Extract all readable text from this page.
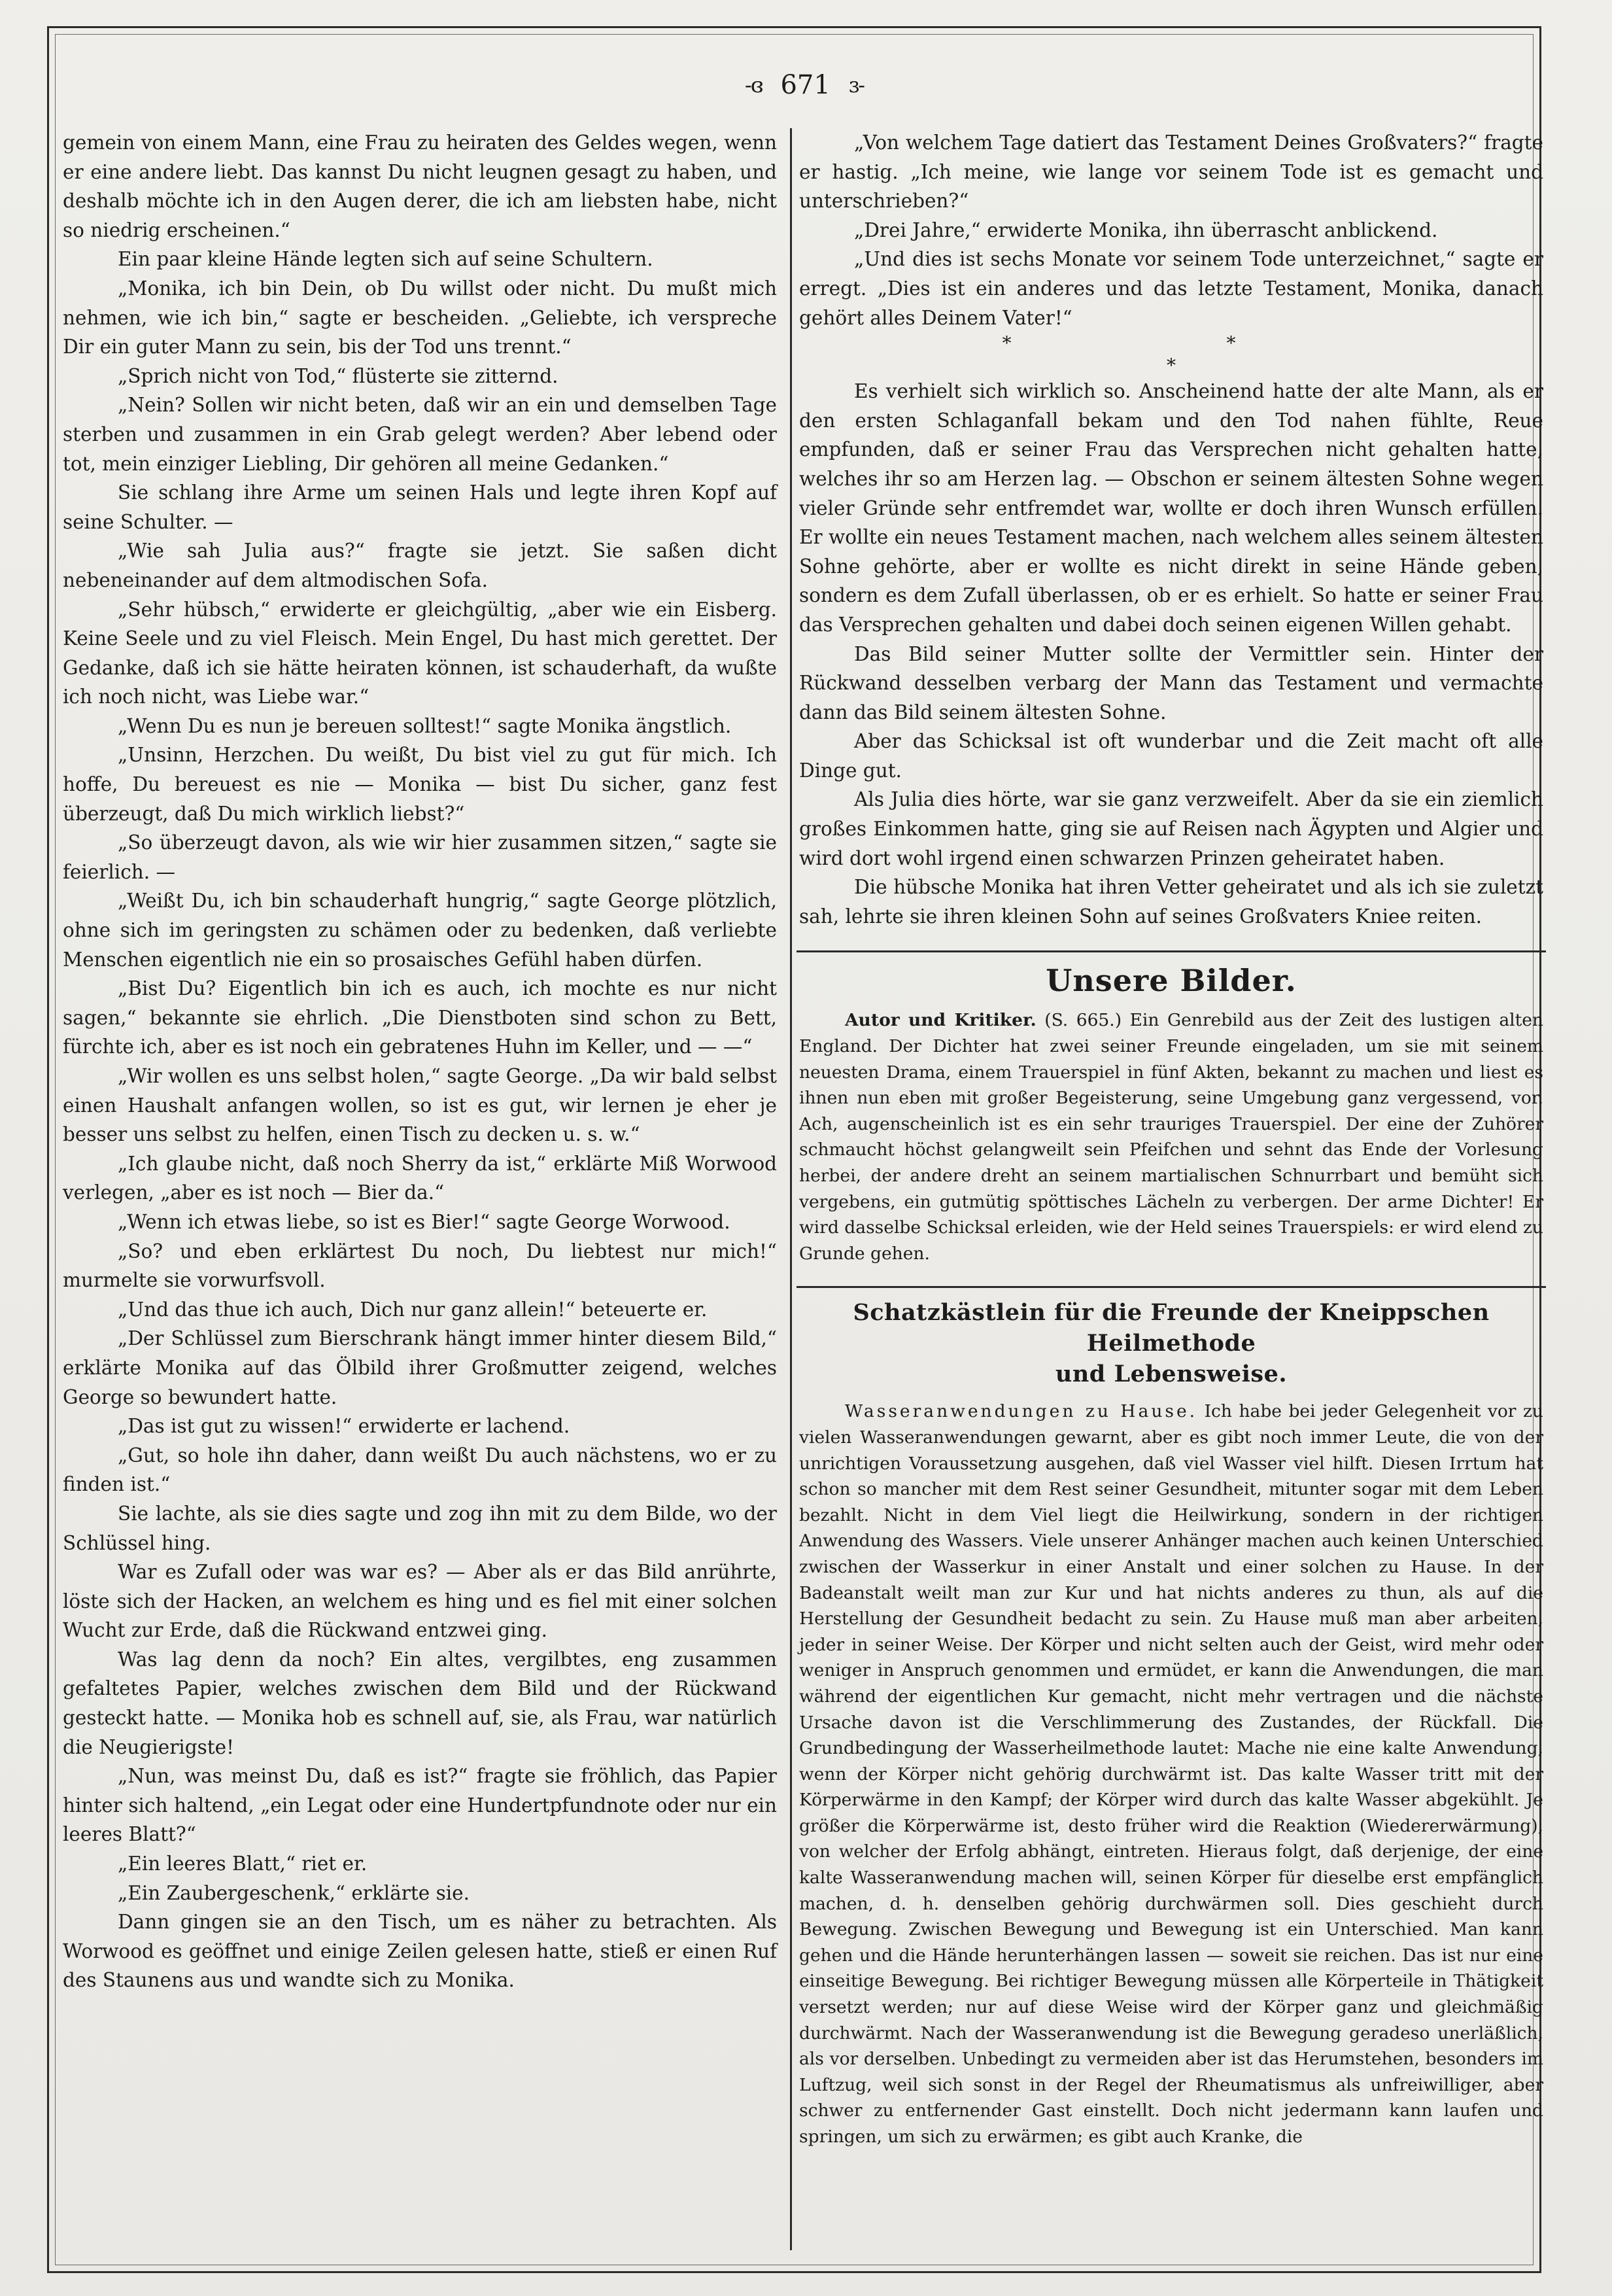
-ɞ 671 ɜ-

gemein von einem Mann, eine Frau zu heiraten des Geldes wegen, wenn er eine andere liebt. Das kannst Du nicht leugnen gesagt zu haben, und deshalb möchte ich in den Augen derer, die ich am liebsten habe, nicht so niedrig erscheinen.“

Ein paar kleine Hände legten sich auf seine Schultern.

„Monika, ich bin Dein, ob Du willst oder nicht. Du mußt mich nehmen, wie ich bin,“ sagte er bescheiden. „Geliebte, ich verspreche Dir ein guter Mann zu sein, bis der Tod uns trennt.“

„Sprich nicht von Tod,“ flüsterte sie zitternd.

„Nein? Sollen wir nicht beten, daß wir an ein und demselben Tage sterben und zusammen in ein Grab gelegt werden? Aber lebend oder tot, mein einziger Liebling, Dir gehören all meine Gedanken.“

Sie schlang ihre Arme um seinen Hals und legte ihren Kopf auf seine Schulter. —

„Wie sah Julia aus?“ fragte sie jetzt. Sie saßen dicht nebeneinander auf dem altmodischen Sofa.

„Sehr hübsch,“ erwiderte er gleichgültig, „aber wie ein Eisberg. Keine Seele und zu viel Fleisch. Mein Engel, Du hast mich gerettet. Der Gedanke, daß ich sie hätte heiraten können, ist schauderhaft, da wußte ich noch nicht, was Liebe war.“

„Wenn Du es nun je bereuen solltest!“ sagte Monika ängstlich.

„Unsinn, Herzchen. Du weißt, Du bist viel zu gut für mich. Ich hoffe, Du bereuest es nie — Monika — bist Du sicher, ganz fest überzeugt, daß Du mich wirklich liebst?“

„So überzeugt davon, als wie wir hier zusammen sitzen,“ sagte sie feierlich. —

„Weißt Du, ich bin schauderhaft hungrig,“ sagte George plötzlich, ohne sich im geringsten zu schämen oder zu bedenken, daß verliebte Menschen eigentlich nie ein so prosaisches Gefühl haben dürfen.

„Bist Du? Eigentlich bin ich es auch, ich mochte es nur nicht sagen,“ bekannte sie ehrlich. „Die Dienstboten sind schon zu Bett, fürchte ich, aber es ist noch ein gebratenes Huhn im Keller, und — —“

„Wir wollen es uns selbst holen,“ sagte George. „Da wir bald selbst einen Haushalt anfangen wollen, so ist es gut, wir lernen je eher je besser uns selbst zu helfen, einen Tisch zu decken u. s. w.“

„Ich glaube nicht, daß noch Sherry da ist,“ erklärte Miß Worwood verlegen, „aber es ist noch — Bier da.“

„Wenn ich etwas liebe, so ist es Bier!“ sagte George Worwood.

„So? und eben erklärtest Du noch, Du liebtest nur mich!“ murmelte sie vorwurfsvoll.

„Und das thue ich auch, Dich nur ganz allein!“ beteuerte er.

„Der Schlüssel zum Bierschrank hängt immer hinter diesem Bild,“ erklärte Monika auf das Ölbild ihrer Großmutter zeigend, welches George so bewundert hatte.

„Das ist gut zu wissen!“ erwiderte er lachend.

„Gut, so hole ihn daher, dann weißt Du auch nächstens, wo er zu finden ist.“

Sie lachte, als sie dies sagte und zog ihn mit zu dem Bilde, wo der Schlüssel hing.

War es Zufall oder was war es? — Aber als er das Bild anrührte, löste sich der Hacken, an welchem es hing und es fiel mit einer solchen Wucht zur Erde, daß die Rückwand entzwei ging.

Was lag denn da noch? Ein altes, vergilbtes, eng zusammen gefaltetes Papier, welches zwischen dem Bild und der Rückwand gesteckt hatte. — Monika hob es schnell auf, sie, als Frau, war natürlich die Neugierigste!

„Nun, was meinst Du, daß es ist?“ fragte sie fröhlich, das Papier hinter sich haltend, „ein Legat oder eine Hundertpfundnote oder nur ein leeres Blatt?“

„Ein leeres Blatt,“ riet er.

„Ein Zaubergeschenk,“ erklärte sie.

Dann gingen sie an den Tisch, um es näher zu betrachten. Als Worwood es geöffnet und einige Zeilen gelesen hatte, stieß er einen Ruf des Staunens aus und wandte sich zu Monika.

„Von welchem Tage datiert das Testament Deines Großvaters?“ fragte er hastig. „Ich meine, wie lange vor seinem Tode ist es gemacht und unterschrieben?“

„Drei Jahre,“ erwiderte Monika, ihn überrascht anblickend.

„Und dies ist sechs Monate vor seinem Tode unterzeichnet,“ sagte er erregt. „Dies ist ein anderes und das letzte Testament, Monika, danach gehört alles Deinem Vater!“

* *
*

Es verhielt sich wirklich so. Anscheinend hatte der alte Mann, als er den ersten Schlaganfall bekam und den Tod nahen fühlte, Reue empfunden, daß er seiner Frau das Versprechen nicht gehalten hatte, welches ihr so am Herzen lag. — Obschon er seinem ältesten Sohne wegen vieler Gründe sehr entfremdet war, wollte er doch ihren Wunsch erfüllen. Er wollte ein neues Testament machen, nach welchem alles seinem ältesten Sohne gehörte, aber er wollte es nicht direkt in seine Hände geben, sondern es dem Zufall überlassen, ob er es erhielt. So hatte er seiner Frau das Versprechen gehalten und dabei doch seinen eigenen Willen gehabt.

Das Bild seiner Mutter sollte der Vermittler sein. Hinter der Rückwand desselben verbarg der Mann das Testament und vermachte dann das Bild seinem ältesten Sohne.

Aber das Schicksal ist oft wunderbar und die Zeit macht oft alle Dinge gut.

Als Julia dies hörte, war sie ganz verzweifelt. Aber da sie ein ziemlich großes Einkommen hatte, ging sie auf Reisen nach Ägypten und Algier und wird dort wohl irgend einen schwarzen Prinzen geheiratet haben.

Die hübsche Monika hat ihren Vetter geheiratet und als ich sie zuletzt sah, lehrte sie ihren kleinen Sohn auf seines Großvaters Kniee reiten.

Unsere Bilder.

Autor und Kritiker. (S. 665.) Ein Genrebild aus der Zeit des lustigen alten England. Der Dichter hat zwei seiner Freunde eingeladen, um sie mit seinem neuesten Drama, einem Trauerspiel in fünf Akten, bekannt zu machen und liest es ihnen nun eben mit großer Begeisterung, seine Umgebung ganz vergessend, vor. Ach, augenscheinlich ist es ein sehr trauriges Trauerspiel. Der eine der Zuhörer schmaucht höchst gelangweilt sein Pfeifchen und sehnt das Ende der Vorlesung herbei, der andere dreht an seinem martialischen Schnurrbart und bemüht sich vergebens, ein gutmütig spöttisches Lächeln zu verbergen. Der arme Dichter! Er wird dasselbe Schicksal erleiden, wie der Held seines Trauerspiels: er wird elend zu Grunde gehen.

Schatzkästlein für die Freunde der Kneippschen Heilmethode
und Lebensweise.

Wasseranwendungen zu Hause. Ich habe bei jeder Gelegenheit vor zu vielen Wasseranwendungen gewarnt, aber es gibt noch immer Leute, die von der unrichtigen Voraussetzung ausgehen, daß viel Wasser viel hilft. Diesen Irrtum hat schon so mancher mit dem Rest seiner Gesundheit, mitunter sogar mit dem Leben bezahlt. Nicht in dem Viel liegt die Heilwirkung, sondern in der richtigen Anwendung des Wassers. Viele unserer Anhänger machen auch keinen Unterschied zwischen der Wasserkur in einer Anstalt und einer solchen zu Hause. In der Badeanstalt weilt man zur Kur und hat nichts anderes zu thun, als auf die Herstellung der Gesundheit bedacht zu sein. Zu Hause muß man aber arbeiten, jeder in seiner Weise. Der Körper und nicht selten auch der Geist, wird mehr oder weniger in Anspruch genommen und ermüdet, er kann die Anwendungen, die man während der eigentlichen Kur gemacht, nicht mehr vertragen und die nächste Ursache davon ist die Verschlimmerung des Zustandes, der Rückfall. Die Grundbedingung der Wasserheilmethode lautet: Mache nie eine kalte Anwendung, wenn der Körper nicht gehörig durchwärmt ist. Das kalte Wasser tritt mit der Körperwärme in den Kampf; der Körper wird durch das kalte Wasser abgekühlt. Je größer die Körperwärme ist, desto früher wird die Reaktion (Wiedererwärmung), von welcher der Erfolg abhängt, eintreten. Hieraus folgt, daß derjenige, der eine kalte Wasseranwendung machen will, seinen Körper für dieselbe erst empfänglich machen, d. h. denselben gehörig durchwärmen soll. Dies geschieht durch Bewegung. Zwischen Bewegung und Bewegung ist ein Unterschied. Man kann gehen und die Hände herunterhängen lassen — soweit sie reichen. Das ist nur eine einseitige Bewegung. Bei richtiger Bewegung müssen alle Körperteile in Thätigkeit versetzt werden; nur auf diese Weise wird der Körper ganz und gleichmäßig durchwärmt. Nach der Wasseranwendung ist die Bewegung geradeso unerläßlich, als vor derselben. Unbedingt zu vermeiden aber ist das Herumstehen, besonders im Luftzug, weil sich sonst in der Regel der Rheumatismus als unfreiwilliger, aber schwer zu entfernender Gast einstellt. Doch nicht jedermann kann laufen und springen, um sich zu erwärmen; es gibt auch Kranke, die
